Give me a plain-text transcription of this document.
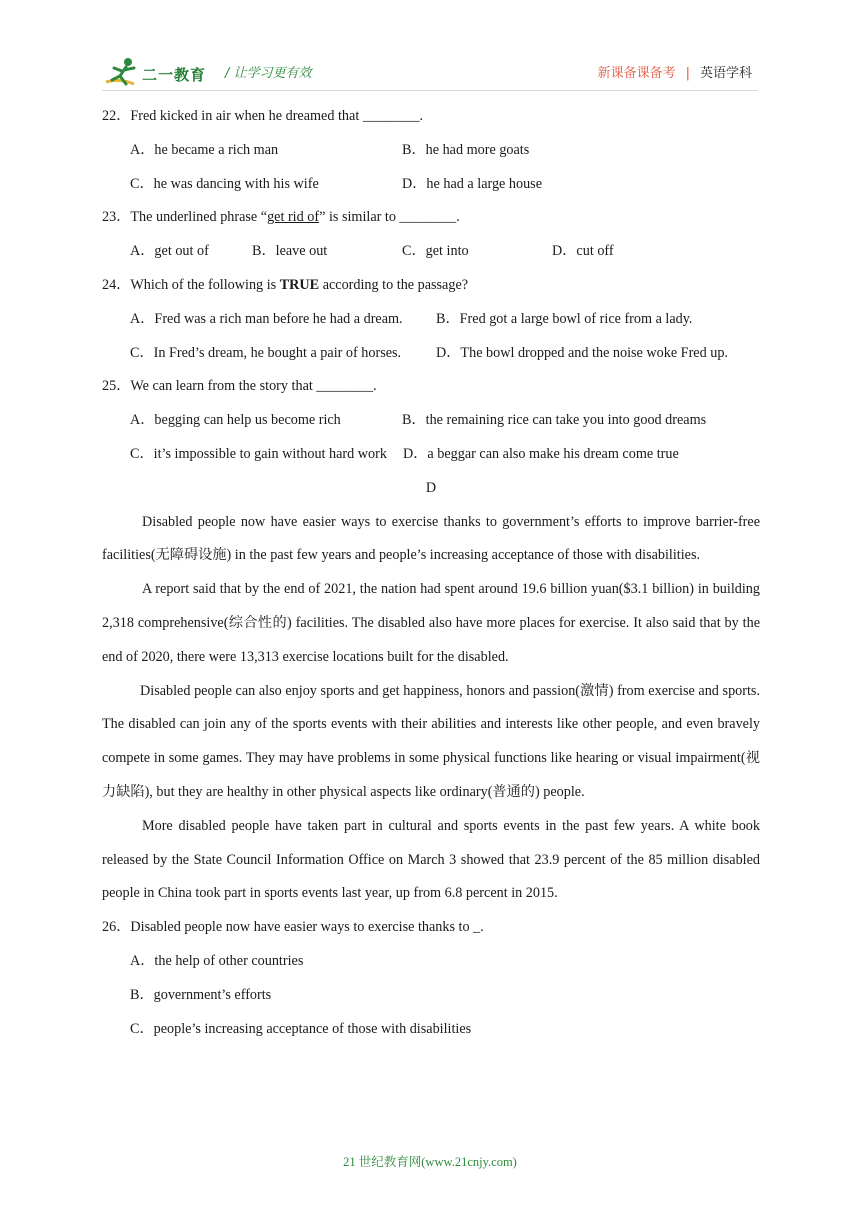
二一教育 / 让学习更有效	新课备课备考 | 英语学科
22．Fred kicked in air when he dreamed that ________.
A．he became a rich man	B．he had more goats
C．he was dancing with his wife	D．he had a large house
23．The underlined phrase “get rid of” is similar to ________.
A．get out of	B．leave out	C．get into	D．cut off
24．Which of the following is TRUE according to the passage?
A．Fred was a rich man before he had a dream. B．Fred got a large bowl of rice from a lady.
C．In Fred’s dream, he bought a pair of horses. D．The bowl dropped and the noise woke Fred up.
25．We can learn from the story that ________.
A．begging can help us become rich	B．the remaining rice can take you into good dreams
C．it’s impossible to gain without hard work D．a beggar can also make his dream come true
D
Disabled people now have easier ways to exercise thanks to government’s efforts to improve barrier-free facilities(无障碍设施) in the past few years and people’s increasing acceptance of those with disabilities.
A report said that by the end of 2021, the nation had spent around 19.6 billion yuan($3.1 billion) in building 2,318 comprehensive(综合性的) facilities. The disabled also have more places for exercise. It also said that by the end of 2020, there were 13,313 exercise locations built for the disabled.
Disabled people can also enjoy sports and get happiness, honors and passion(激情) from exercise and sports. The disabled can join any of the sports events with their abilities and interests like other people, and even bravely compete in some games. They may have problems in some physical functions like hearing or visual impairment(视力缺陷), but they are healthy in other physical aspects like ordinary(普通的) people.
More disabled people have taken part in cultural and sports events in the past few years. A white book released by the State Council Information Office on March 3 showed that 23.9 percent of the 85 million disabled people in China took part in sports events last year, up from 6.8 percent in 2015.
26．Disabled people now have easier ways to exercise thanks to _.
A．the help of other countries
B．government’s efforts
C．people’s increasing acceptance of those with disabilities
21 世纪教育网(www.21cnjy.com)
